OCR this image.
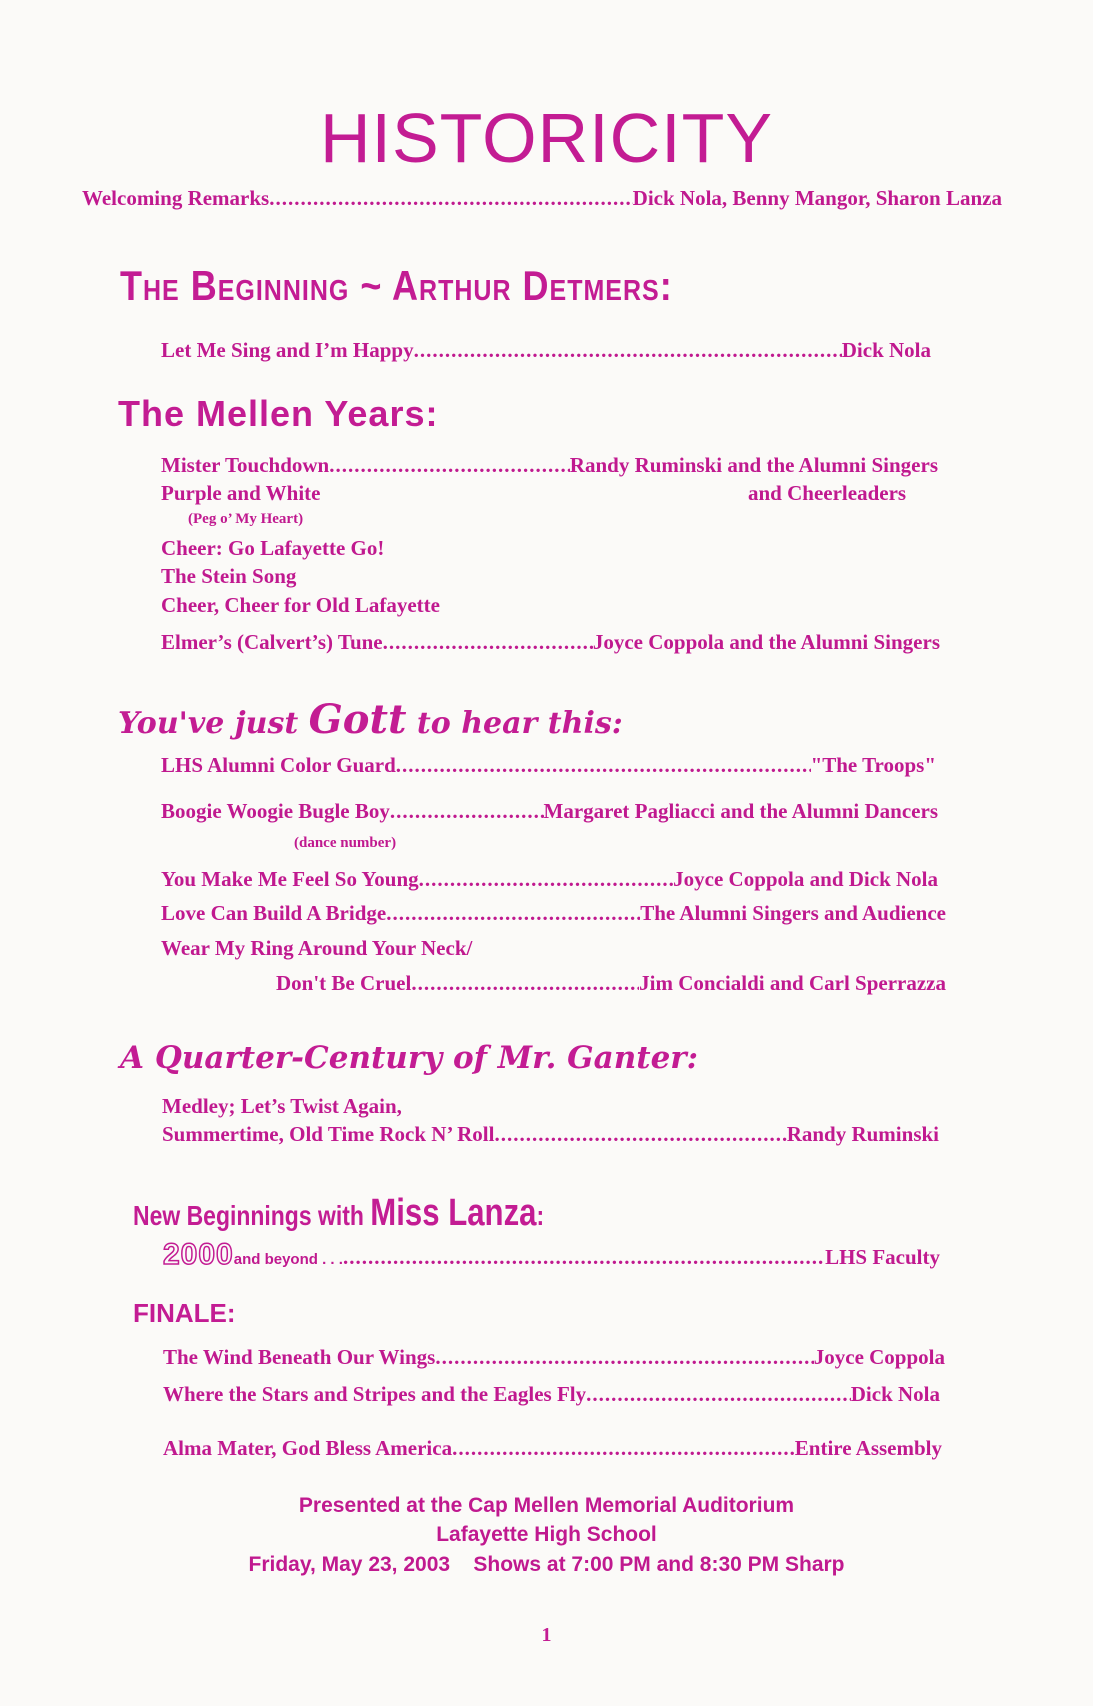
HISTORICITY
Welcoming Remarks .....	Dick Nola, Benny Mangor, Sharon Lanza
The Beginning ~ Arthur Detmers:
Let Me Sing and I’m Happy .....	Dick Nola
The Mellen Years:
Mister Touchdown .....	Randy Ruminski and the Alumni Singers
Purple and White	and Cheerleaders
(Peg o’ My Heart)
Cheer: Go Lafayette Go!
The Stein Song
Cheer, Cheer for Old Lafayette
Elmer’s (Calvert’s) Tune .....	Joyce Coppola and the Alumni Singers
You've just Gott to hear this:
LHS Alumni Color Guard .....	"The Troops"
Boogie Woogie Bugle Boy .....	Margaret Pagliacci and the Alumni Dancers
(dance number)
You Make Me Feel So Young .....	Joyce Coppola and Dick Nola
Love Can Build A Bridge .....	The Alumni Singers and Audience
Wear My Ring Around Your Neck/
Don't Be Cruel .....	Jim Concialdi and Carl Sperrazza
A Quarter-Century of Mr. Ganter:
Medley; Let’s Twist Again,
Summertime, Old Time Rock N’ Roll .....	Randy Ruminski
New Beginnings with Miss Lanza:
2000and beyond . . . .....	LHS Faculty
FINALE:
The Wind Beneath Our Wings .....	Joyce Coppola
Where the Stars and Stripes and the Eagles Fly .....	Dick Nola
Alma Mater, God Bless America .....	Entire Assembly
Presented at the Cap Mellen Memorial Auditorium
Lafayette High School
Friday, May 23, 2003    Shows at 7:00 PM and 8:30 PM Sharp
1
